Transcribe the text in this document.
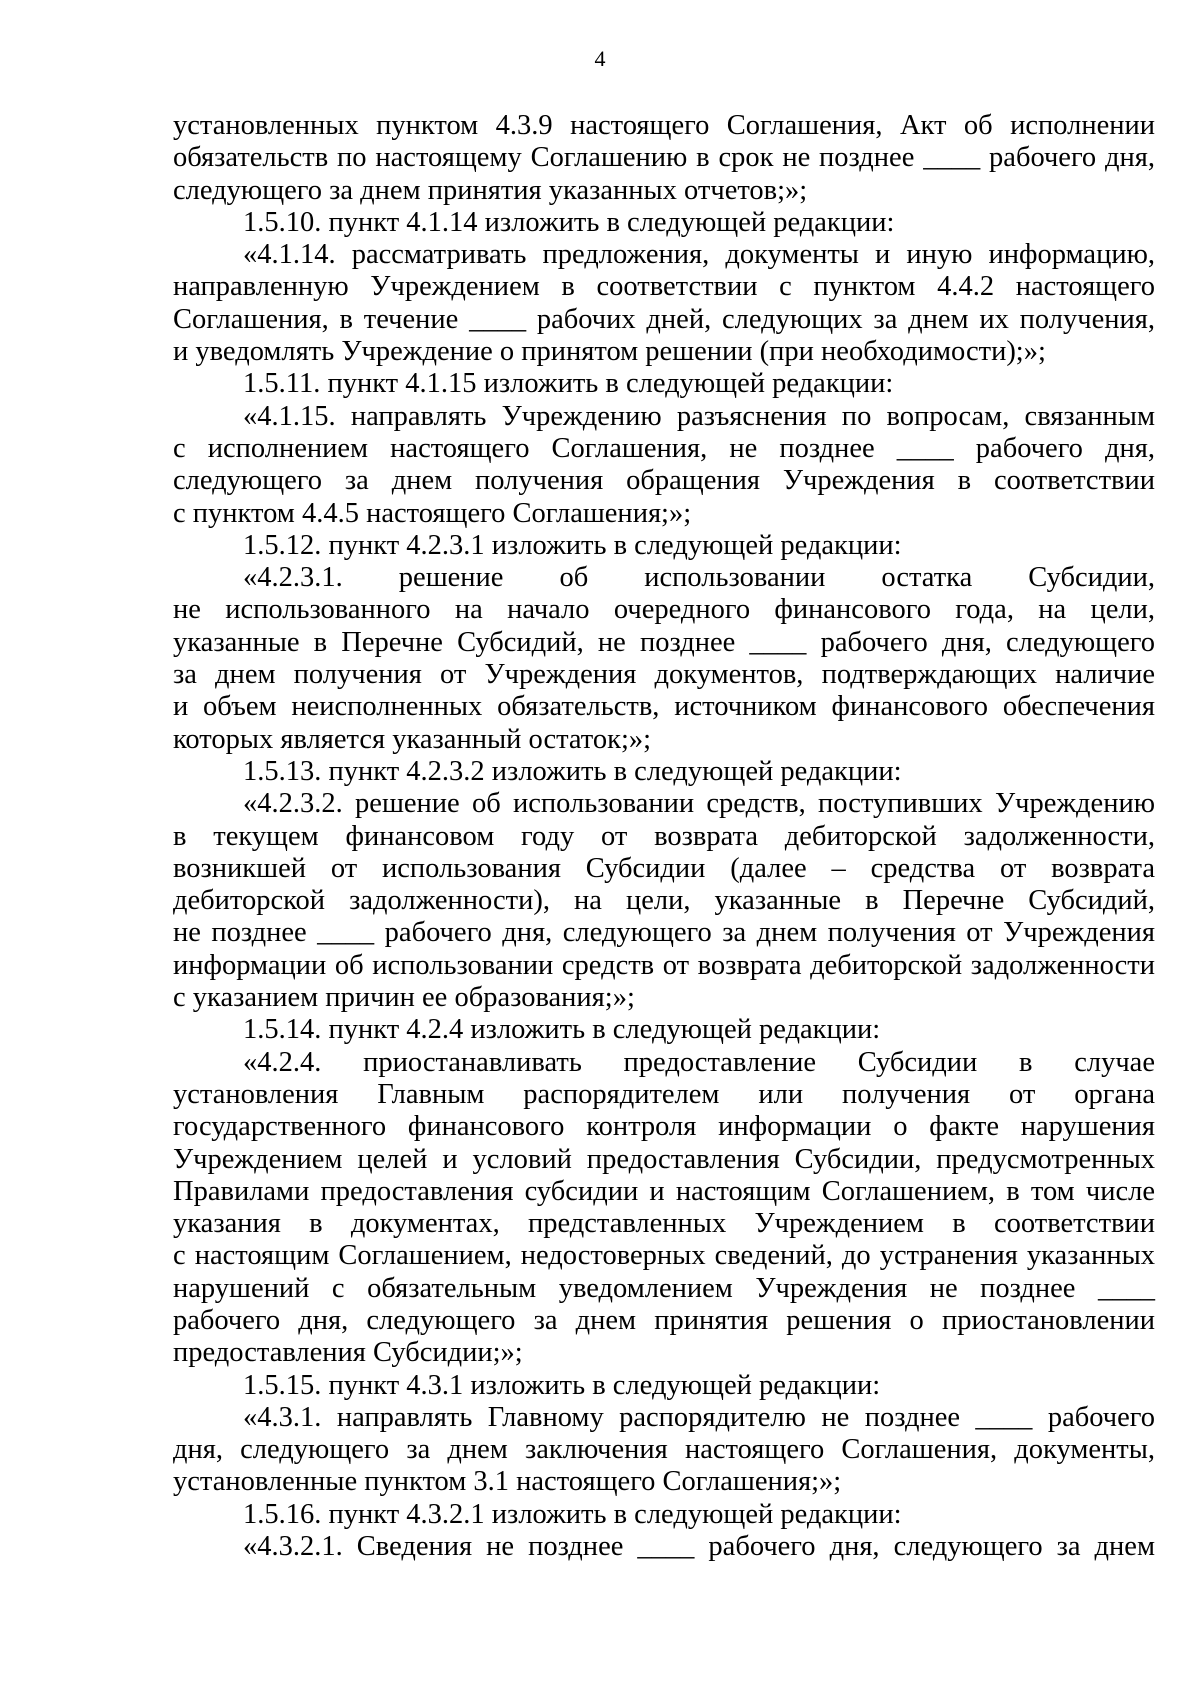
4
установленных пунктом 4.3.9 настоящего Соглашения, Акт об исполнении
обязательств по настоящему Соглашению в срок не позднее ____ рабочего дня,
следующего за днем принятия указанных отчетов;»;
1.5.10. пункт 4.1.14 изложить в следующей редакции:
«4.1.14. рассматривать предложения, документы и иную информацию,
направленную Учреждением в соответствии с пунктом 4.4.2 настоящего
Соглашения, в течение ____ рабочих дней, следующих за днем их получения,
и уведомлять Учреждение о принятом решении (при необходимости);»;
1.5.11. пункт 4.1.15 изложить в следующей редакции:
«4.1.15. направлять Учреждению разъяснения по вопросам, связанным
с исполнением настоящего Соглашения, не позднее ____ рабочего дня,
следующего за днем получения обращения Учреждения в соответствии
с пунктом 4.4.5 настоящего Соглашения;»;
1.5.12. пункт 4.2.3.1 изложить в следующей редакции:
«4.2.3.1. решение об использовании остатка Субсидии,
не использованного на начало очередного финансового года, на цели,
указанные в Перечне Субсидий, не позднее ____ рабочего дня, следующего
за днем получения от Учреждения документов, подтверждающих наличие
и объем неисполненных обязательств, источником финансового обеспечения
которых является указанный остаток;»;
1.5.13. пункт 4.2.3.2 изложить в следующей редакции:
«4.2.3.2. решение об использовании средств, поступивших Учреждению
в текущем финансовом году от возврата дебиторской задолженности,
возникшей от использования Субсидии (далее – средства от возврата
дебиторской задолженности), на цели, указанные в Перечне Субсидий,
не позднее ____ рабочего дня, следующего за днем получения от Учреждения
информации об использовании средств от возврата дебиторской задолженности
с указанием причин ее образования;»;
1.5.14. пункт 4.2.4 изложить в следующей редакции:
«4.2.4. приостанавливать предоставление Субсидии в случае
установления Главным распорядителем или получения от органа
государственного финансового контроля информации о факте нарушения
Учреждением целей и условий предоставления Субсидии, предусмотренных
Правилами предоставления субсидии и настоящим Соглашением, в том числе
указания в документах, представленных Учреждением в соответствии
с настоящим Соглашением, недостоверных сведений, до устранения указанных
нарушений с обязательным уведомлением Учреждения не позднее ____
рабочего дня, следующего за днем принятия решения о приостановлении
предоставления Субсидии;»;
1.5.15. пункт 4.3.1 изложить в следующей редакции:
«4.3.1. направлять Главному распорядителю не позднее ____ рабочего
дня, следующего за днем заключения настоящего Соглашения, документы,
установленные пунктом 3.1 настоящего Соглашения;»;
1.5.16. пункт 4.3.2.1 изложить в следующей редакции:
«4.3.2.1. Сведения не позднее ____ рабочего дня, следующего за днем
